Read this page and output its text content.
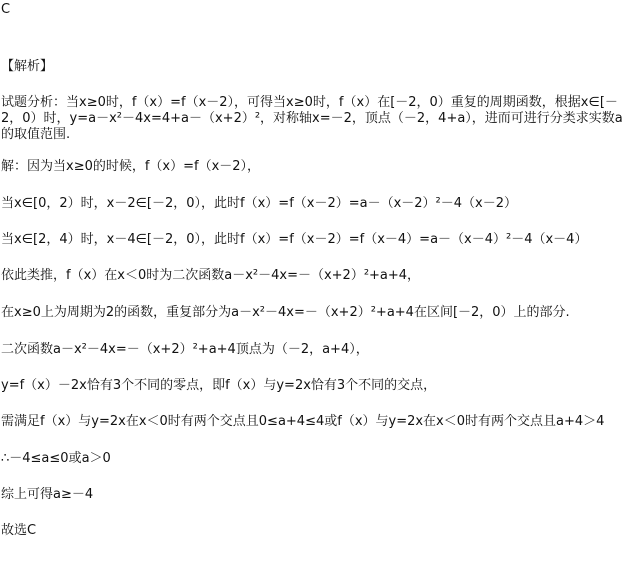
C
【解析】
试题分析：当x≥0时，f（x）=f（x－2），可得当x≥0时，f（x）在[－2，0）重复的周期函数，根据x∈[－2，0）时，y=a－x²－4x=4+a－（x+2）²，对称轴x=－2，顶点（－2，4+a），进而可进行分类求实数a的取值范围.
解：因为当x≥0的时候，f（x）=f（x－2），
当x∈[0，2）时，x－2∈[－2，0），此时f（x）=f（x－2）=a－（x－2）²－4（x－2）
当x∈[2，4）时，x－4∈[－2，0），此时f（x）=f（x－2）=f（x－4）=a－（x－4）²－4（x－4）
依此类推，f（x）在x＜0时为二次函数a－x²－4x=－（x+2）²+a+4，
在x≥0上为周期为2的函数，重复部分为a－x²－4x=－（x+2）²+a+4在区间[－2，0）上的部分.
二次函数a－x²－4x=－（x+2）²+a+4顶点为（－2，a+4），
y=f（x）－2x恰有3个不同的零点，即f（x）与y=2x恰有3个不同的交点，
需满足f（x）与y=2x在x＜0时有两个交点且0≤a+4≤4或f（x）与y=2x在x＜0时有两个交点且a+4＞4
∴－4≤a≤0或a＞0
综上可得a≥－4
故选C
